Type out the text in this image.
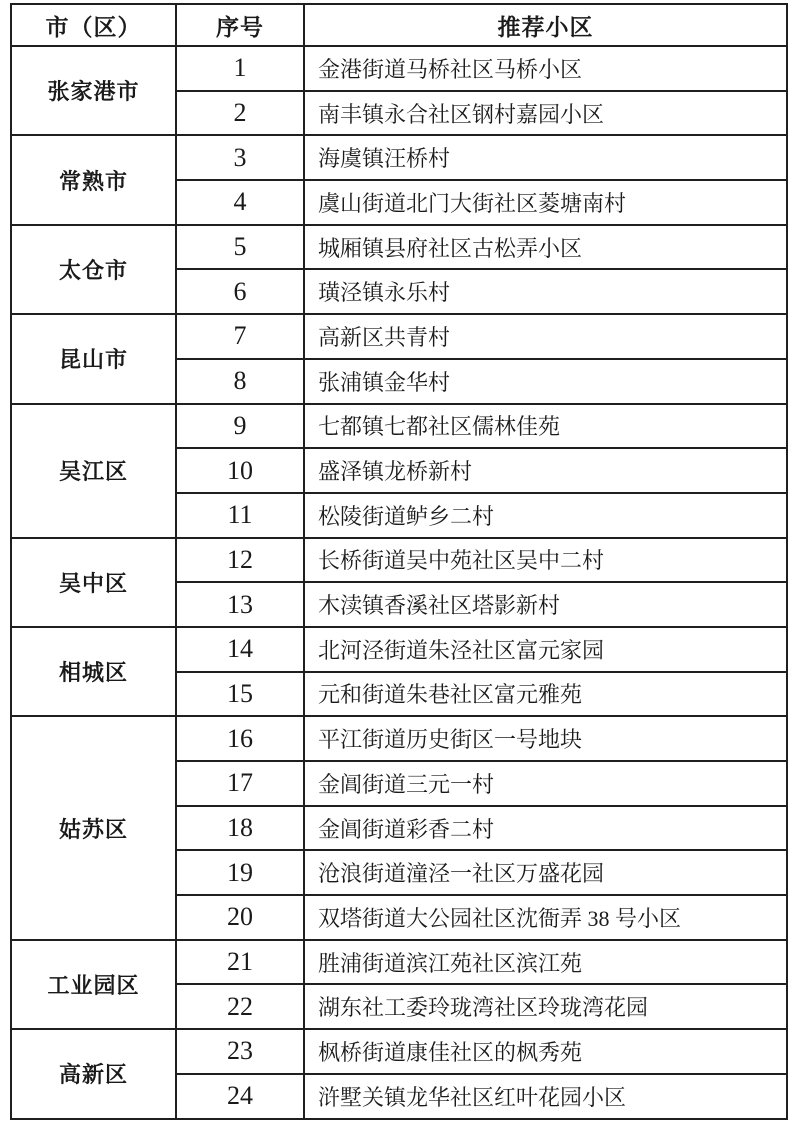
市（区）	序号	推荐小区
张家港市	1	金港街道马桥社区马桥小区
	2	南丰镇永合社区钢村嘉园小区
常熟市	3	海虞镇汪桥村
	4	虞山街道北门大街社区菱塘南村
太仓市	5	城厢镇县府社区古松弄小区
	6	璜泾镇永乐村
昆山市	7	高新区共青村
	8	张浦镇金华村
吴江区	9	七都镇七都社区儒林佳苑
	10	盛泽镇龙桥新村
	11	松陵街道鲈乡二村
吴中区	12	长桥街道吴中苑社区吴中二村
	13	木渎镇香溪社区塔影新村
相城区	14	北河泾街道朱泾社区富元家园
	15	元和街道朱巷社区富元雅苑
姑苏区	16	平江街道历史街区一号地块
	17	金阊街道三元一村
	18	金阊街道彩香二村
	19	沧浪街道潼泾一社区万盛花园
	20	双塔街道大公园社区沈衙弄 38 号小区
工业园区	21	胜浦街道滨江苑社区滨江苑
	22	湖东社工委玲珑湾社区玲珑湾花园
高新区	23	枫桥街道康佳社区的枫秀苑
	24	浒墅关镇龙华社区红叶花园小区
